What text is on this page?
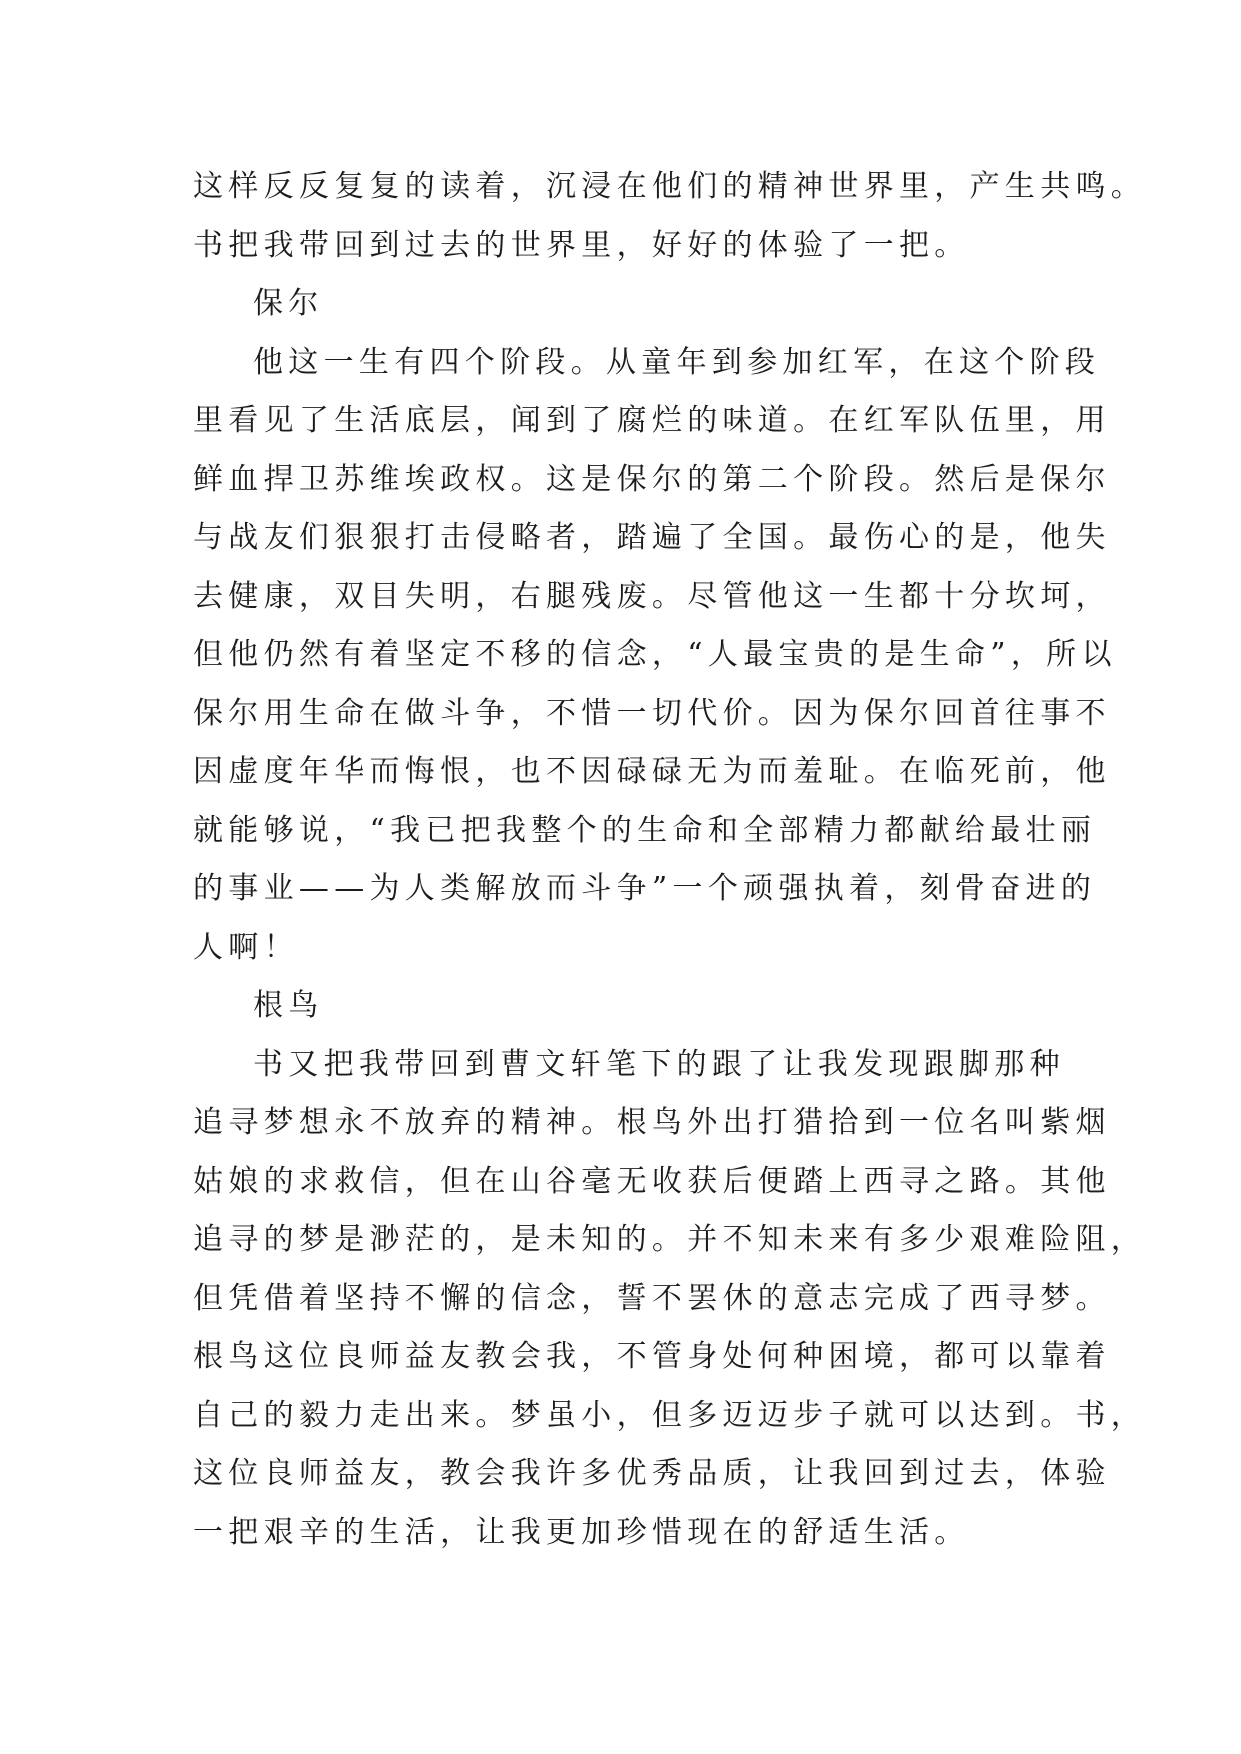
这样反反复复的读着，沉浸在他们的精神世界里，产生共鸣。
书把我带回到过去的世界里，好好的体验了一把。
保尔
他这一生有四个阶段。从童年到参加红军，在这个阶段
里看见了生活底层，闻到了腐烂的味道。在红军队伍里，用
鲜血捍卫苏维埃政权。这是保尔的第二个阶段。然后是保尔
与战友们狠狠打击侵略者，踏遍了全国。最伤心的是，他失
去健康，双目失明，右腿残废。尽管他这一生都十分坎坷，
但他仍然有着坚定不移的信念，“人最宝贵的是生命”，所以
保尔用生命在做斗争，不惜一切代价。因为保尔回首往事不
因虚度年华而悔恨，也不因碌碌无为而羞耻。在临死前，他
就能够说，“我已把我整个的生命和全部精力都献给最壮丽
的事业——为人类解放而斗争”一个顽强执着，刻骨奋进的
人啊！
根鸟
书又把我带回到曹文轩笔下的跟了让我发现跟脚那种
追寻梦想永不放弃的精神。根鸟外出打猎拾到一位名叫紫烟
姑娘的求救信，但在山谷毫无收获后便踏上西寻之路。其他
追寻的梦是渺茫的，是未知的。并不知未来有多少艰难险阻，
但凭借着坚持不懈的信念，誓不罢休的意志完成了西寻梦。
根鸟这位良师益友教会我，不管身处何种困境，都可以靠着
自己的毅力走出来。梦虽小，但多迈迈步子就可以达到。书，
这位良师益友，教会我许多优秀品质，让我回到过去，体验
一把艰辛的生活，让我更加珍惜现在的舒适生活。
